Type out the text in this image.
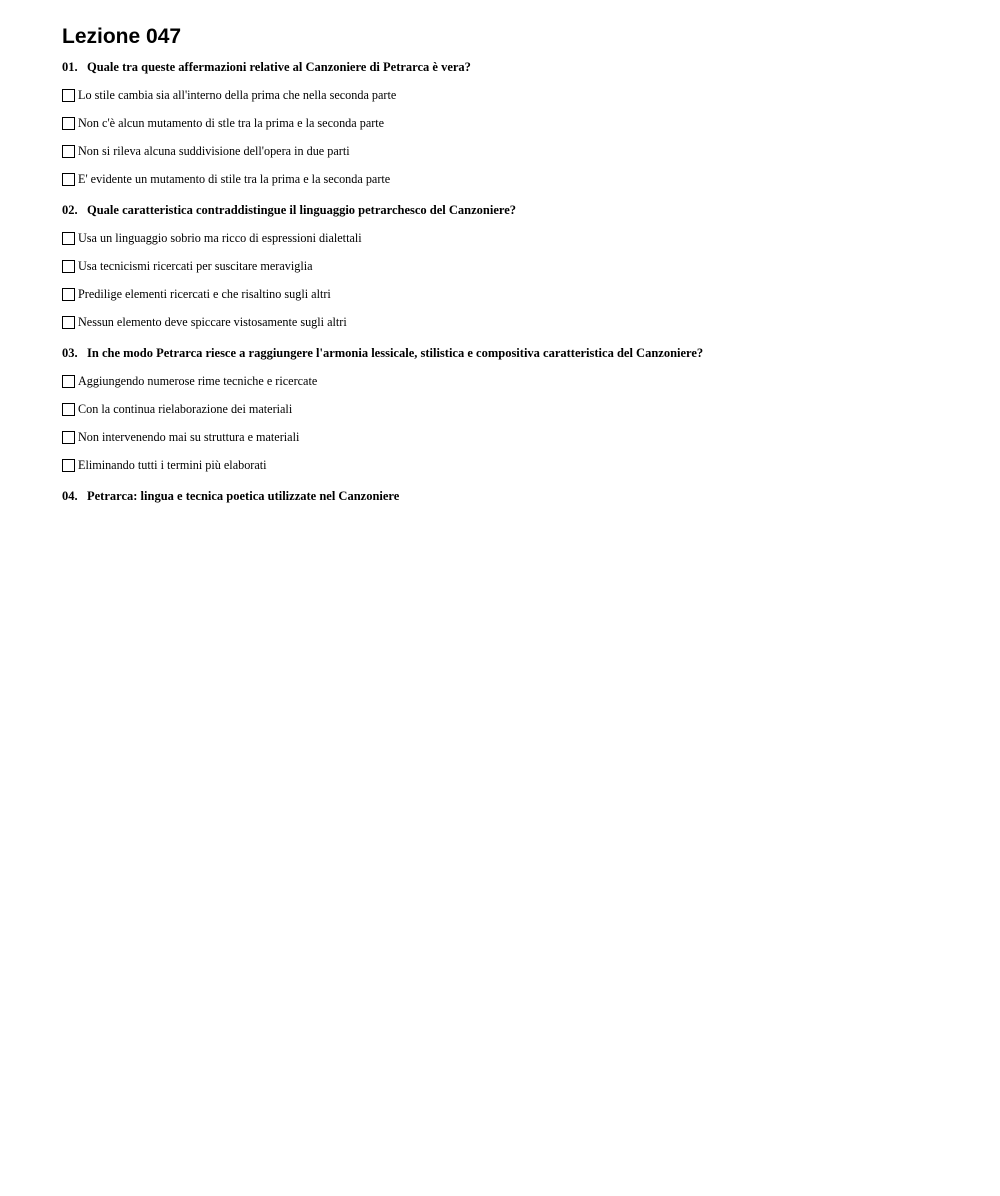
Lezione 047
01. Quale tra queste affermazioni relative al Canzoniere di Petrarca è vera?
Lo stile cambia sia all'interno della prima che nella seconda parte
Non c'è alcun mutamento di stle tra la prima e la seconda parte
Non si rileva alcuna suddivisione dell'opera in due parti
E' evidente un mutamento di stile tra la prima e la seconda parte
02. Quale caratteristica contraddistingue il linguaggio petrarchesco del Canzoniere?
Usa un linguaggio sobrio ma ricco di espressioni dialettali
Usa tecnicismi ricercati per suscitare meraviglia
Predilige elementi ricercati e che risaltino sugli altri
Nessun elemento deve spiccare vistosamente sugli altri
03. In che modo Petrarca riesce a raggiungere l'armonia lessicale, stilistica e compositiva caratteristica del Canzoniere?
Aggiungendo numerose rime tecniche e ricercate
Con la continua rielaborazione dei materiali
Non intervenendo mai su struttura e materiali
Eliminando tutti i termini più elaborati
04. Petrarca: lingua e tecnica poetica utilizzate nel Canzoniere
